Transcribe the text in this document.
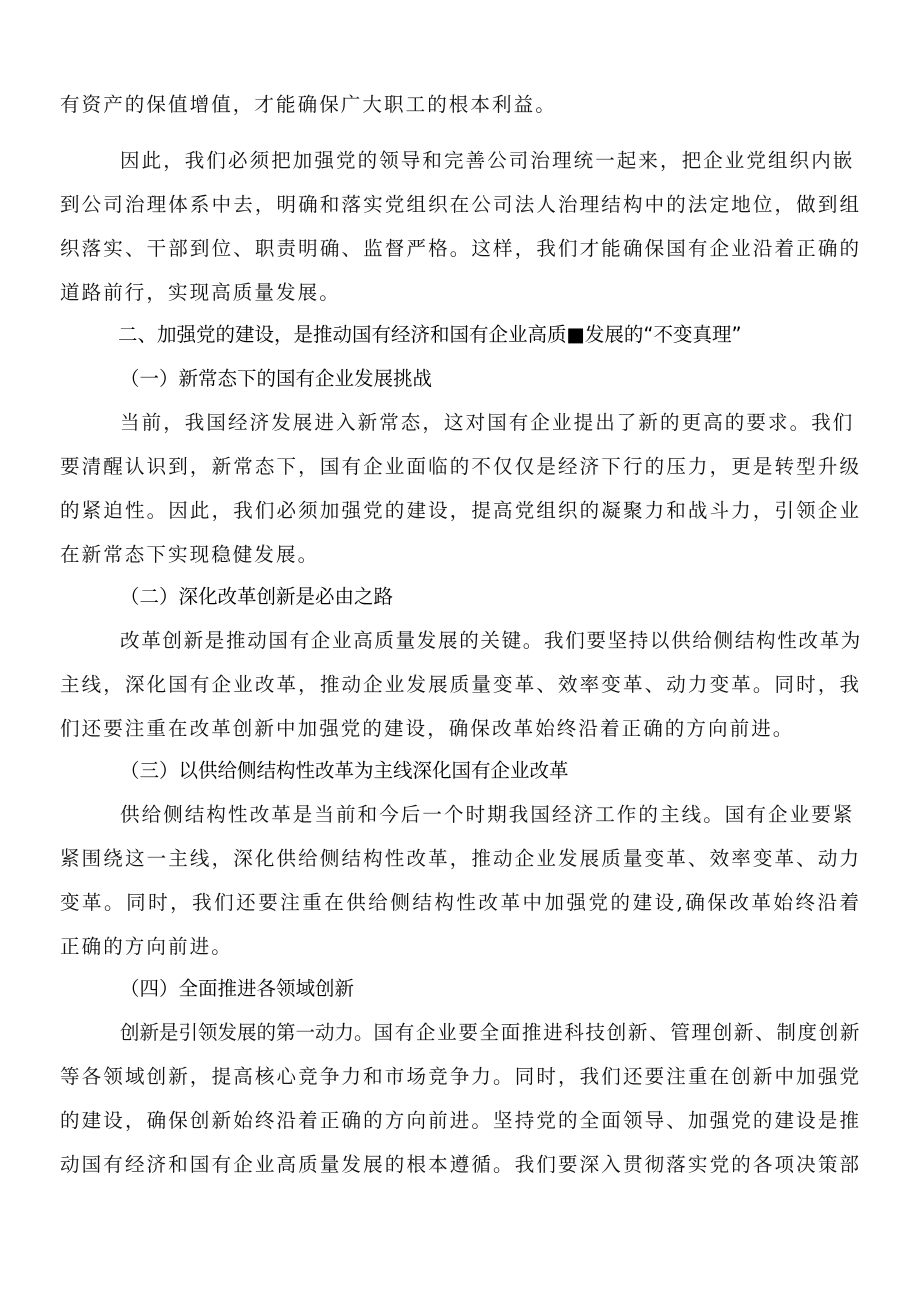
有资产的保值增值，才能确保广大职工的根本利益。
因此，我们必须把加强党的领导和完善公司治理统一起来，把企业党组织内嵌
到公司治理体系中去，明确和落实党组织在公司法人治理结构中的法定地位，做到组
织落实、干部到位、职责明确、监督严格。这样，我们才能确保国有企业沿着正确的
道路前行，实现高质量发展。
二、加强党的建设，是推动国有经济和国有企业高质■发展的“不变真理”
（一）新常态下的国有企业发展挑战
当前，我国经济发展进入新常态，这对国有企业提出了新的更高的要求。我们
要清醒认识到，新常态下，国有企业面临的不仅仅是经济下行的压力，更是转型升级
的紧迫性。因此，我们必须加强党的建设，提高党组织的凝聚力和战斗力，引领企业
在新常态下实现稳健发展。
（二）深化改革创新是必由之路
改革创新是推动国有企业高质量发展的关键。我们要坚持以供给侧结构性改革为
主线，深化国有企业改革，推动企业发展质量变革、效率变革、动力变革。同时，我
们还要注重在改革创新中加强党的建设，确保改革始终沿着正确的方向前进。
（三）以供给侧结构性改革为主线深化国有企业改革
供给侧结构性改革是当前和今后一个时期我国经济工作的主线。国有企业要紧
紧围绕这一主线，深化供给侧结构性改革，推动企业发展质量变革、效率变革、动力
变革。同时，我们还要注重在供给侧结构性改革中加强党的建设,确保改革始终沿着
正确的方向前进。
（四）全面推进各领域创新
创新是引领发展的第一动力。国有企业要全面推进科技创新、管理创新、制度创新
等各领域创新，提高核心竞争力和市场竞争力。同时，我们还要注重在创新中加强党
的建设，确保创新始终沿着正确的方向前进。坚持党的全面领导、加强党的建设是推
动国有经济和国有企业高质量发展的根本遵循。我们要深入贯彻落实党的各项决策部
